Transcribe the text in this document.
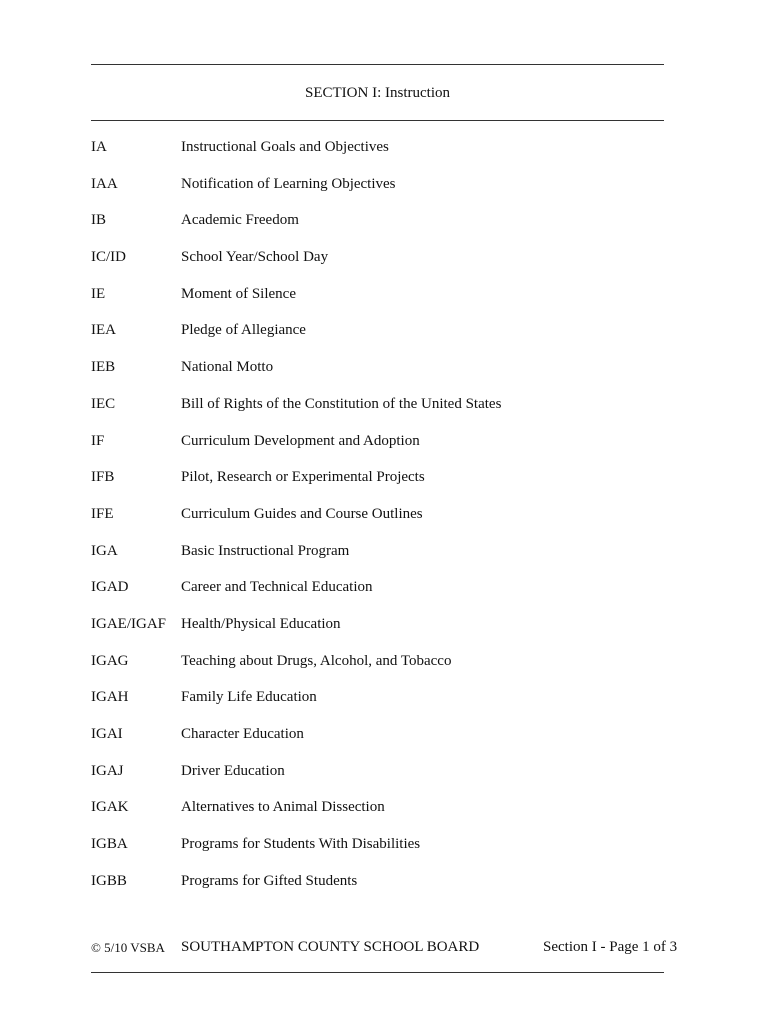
SECTION I: Instruction
IA	Instructional Goals and Objectives
IAA	Notification of Learning Objectives
IB	Academic Freedom
IC/ID	School Year/School Day
IE	Moment of Silence
IEA	Pledge of Allegiance
IEB	National Motto
IEC	Bill of Rights of the Constitution of the United States
IF	Curriculum Development and Adoption
IFB	Pilot, Research or Experimental Projects
IFE	Curriculum Guides and Course Outlines
IGA	Basic Instructional Program
IGAD	Career and Technical Education
IGAE/IGAF	Health/Physical Education
IGAG	Teaching about Drugs, Alcohol, and Tobacco
IGAH	Family Life Education
IGAI	Character Education
IGAJ	Driver Education
IGAK	Alternatives to Animal Dissection
IGBA	Programs for Students With Disabilities
IGBB	Programs for Gifted Students
© 5/10 VSBA SOUTHAMPTON COUNTY SCHOOL BOARD	Section I - Page 1 of 3
